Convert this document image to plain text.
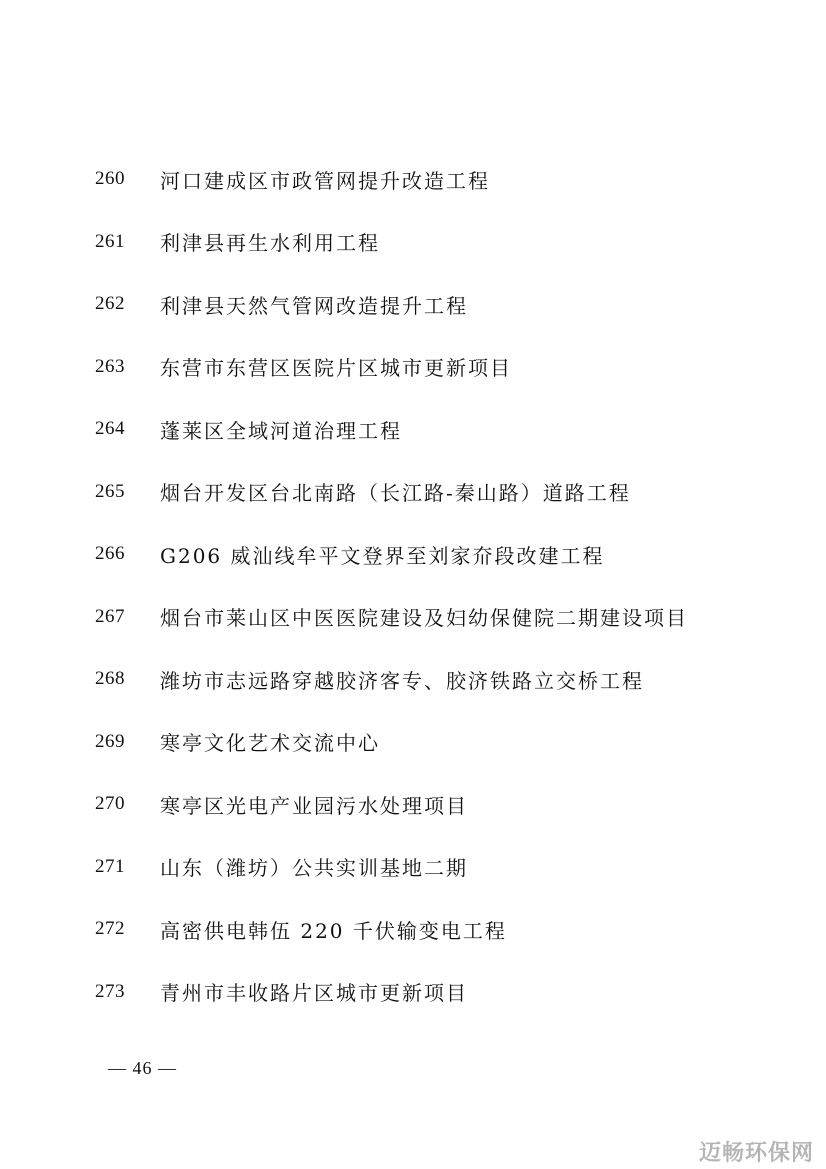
260	河口建成区市政管网提升改造工程
261	利津县再生水利用工程
262	利津县天然气管网改造提升工程
263	东营市东营区医院片区城市更新项目
264	蓬莱区全域河道治理工程
265	烟台开发区台北南路（长江路-秦山路）道路工程
266	G206 威汕线牟平文登界至刘家夼段改建工程
267	烟台市莱山区中医医院建设及妇幼保健院二期建设项目
268	潍坊市志远路穿越胶济客专、胶济铁路立交桥工程
269	寒亭文化艺术交流中心
270	寒亭区光电产业园污水处理项目
271	山东（潍坊）公共实训基地二期
272	高密供电韩伍 220 千伏输变电工程
273	青州市丰收路片区城市更新项目
— 46 —
迈畅环保网
